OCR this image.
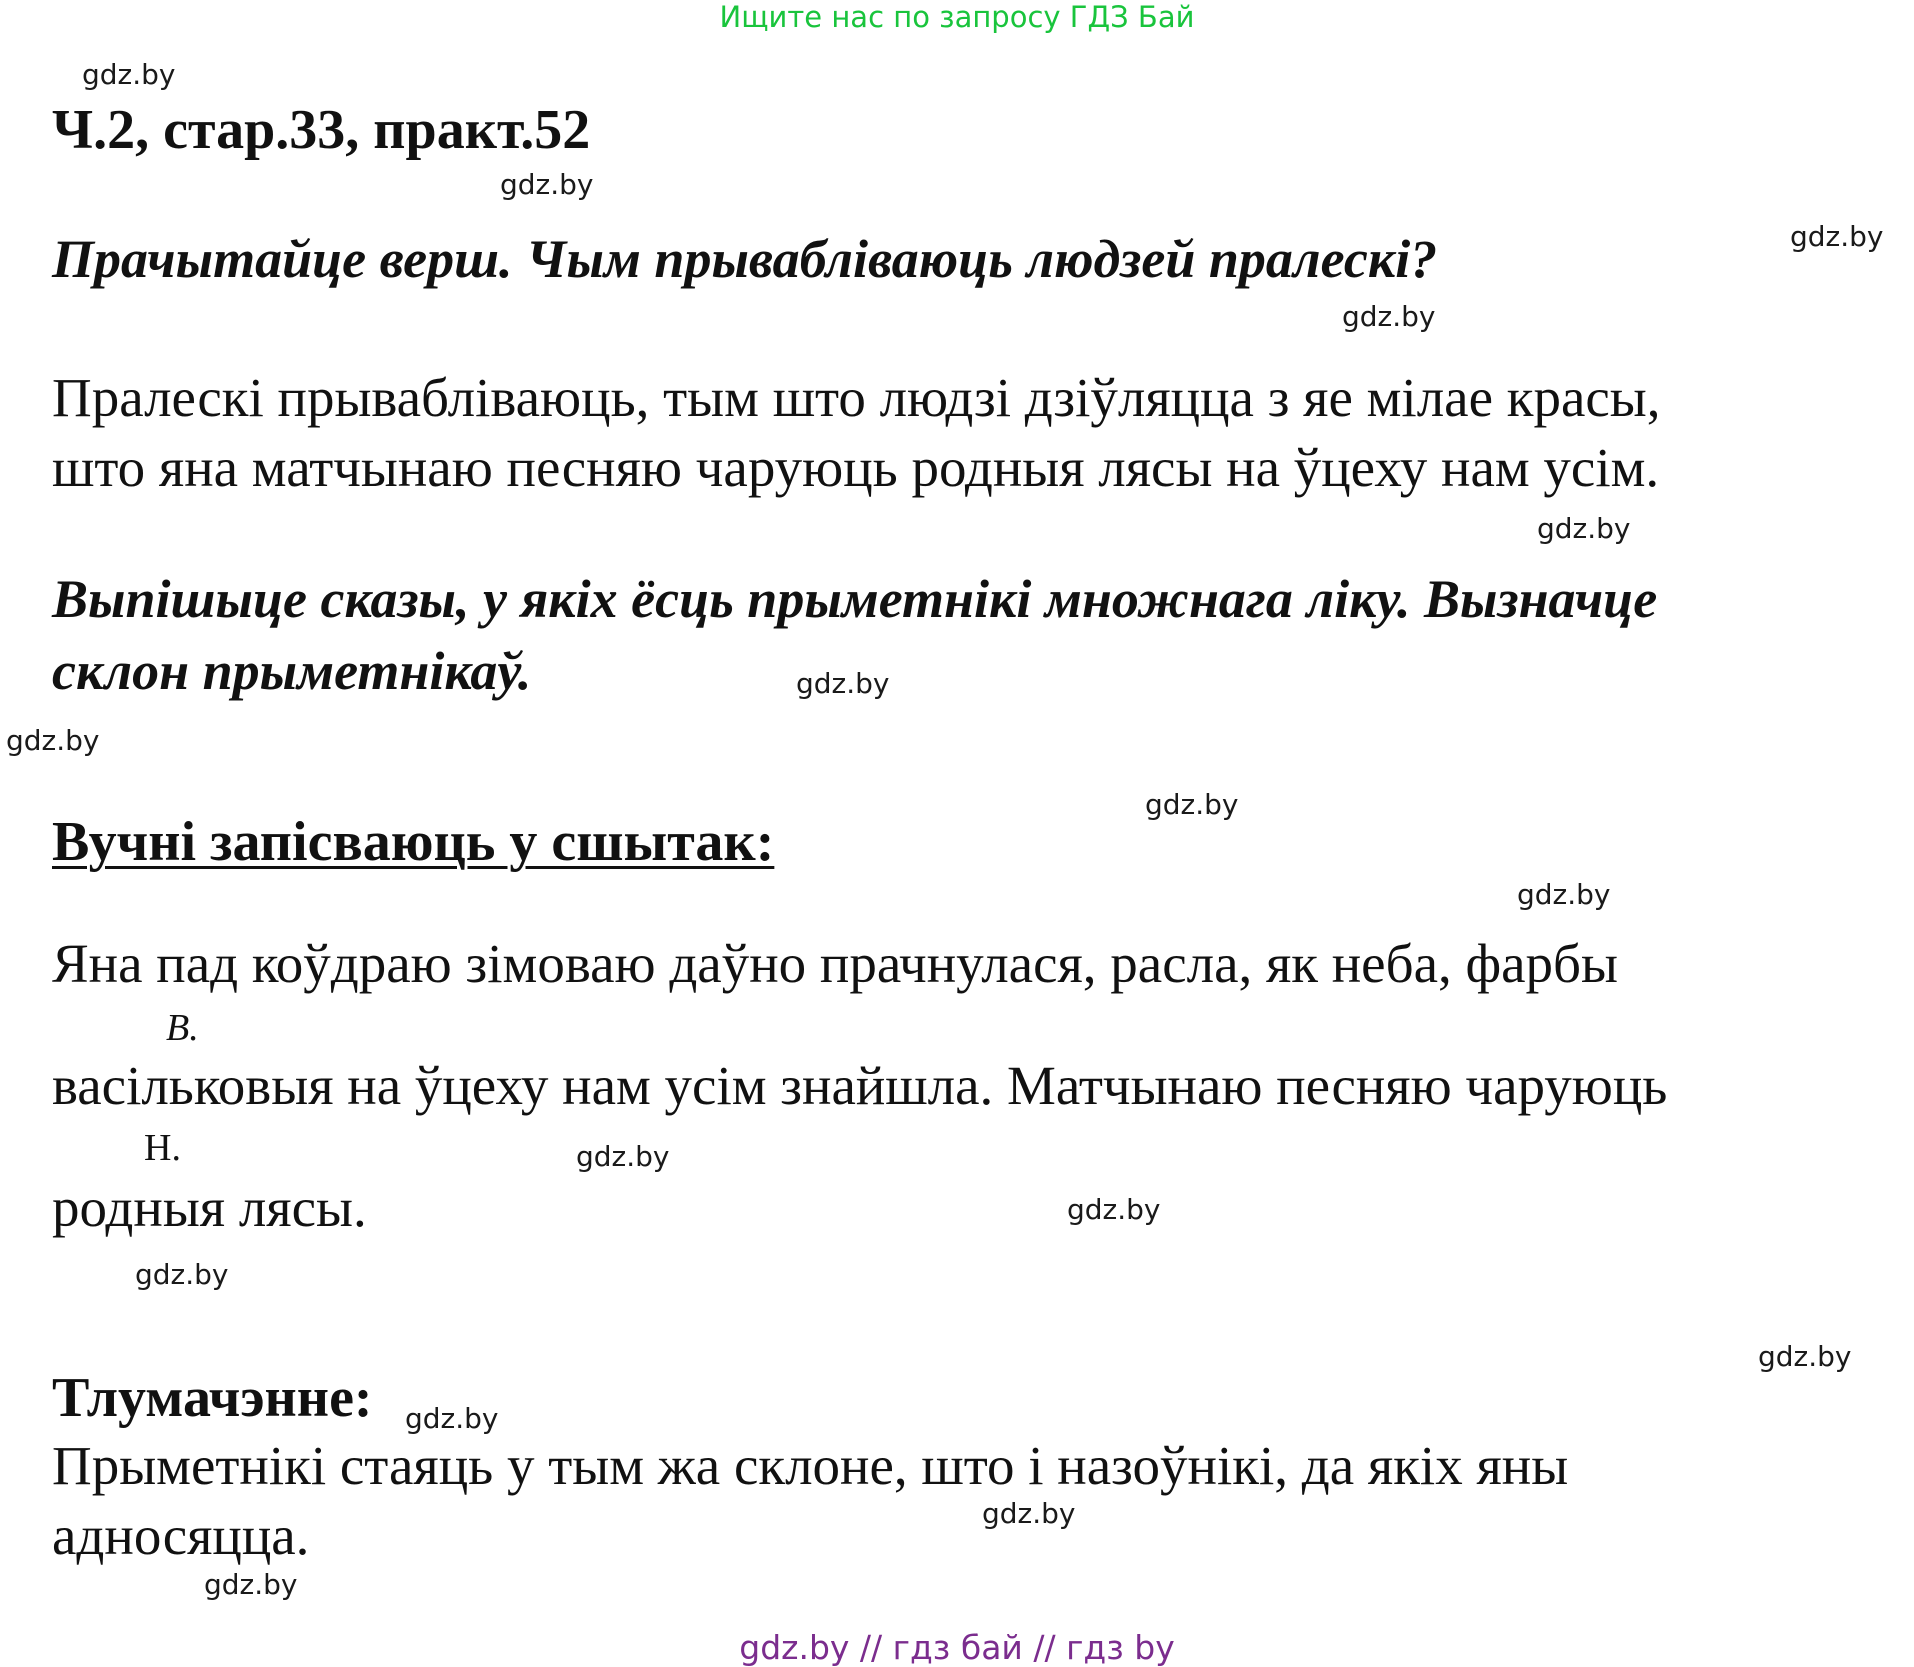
Ищите нас по запросу ГДЗ Бай
gdz.by
Ч.2, стар.33, практ.52
gdz.by
gdz.by
Прачытайце верш. Чым прываблiваюць людзей пралескi?
gdz.by
Пралескi прываблiваюць, тым што людзi дзiўляцца з яе мiлае красы,
што яна матчынаю песняю чаруюць родныя лясы на ўцеху нам усiм.
gdz.by
Выпiшыце сказы, у якiх ёсць прыметнiкi множнага лiку. Вызначце
склон прыметнiкаў.	gdz.by
gdz.by
gdz.by
Вучнi запiсваюць у сшытак:
gdz.by
Яна пад коўдраю зiмоваю даўно прачнулася, расла, як неба, фарбы
В.
васiльковыя на ўцеху нам усiм знайшла. Матчынаю песняю чаруюць
Н.	gdz.by
родныя лясы.	gdz.by
gdz.by
gdz.by
Тлумачэнне: gdz.by
Прыметнiкi стаяць у тым жа склоне, што i назоўнiкi, да якiх яны
gdz.by
адносяцца.
gdz.by
gdz.by // гдз бай // гдз by
